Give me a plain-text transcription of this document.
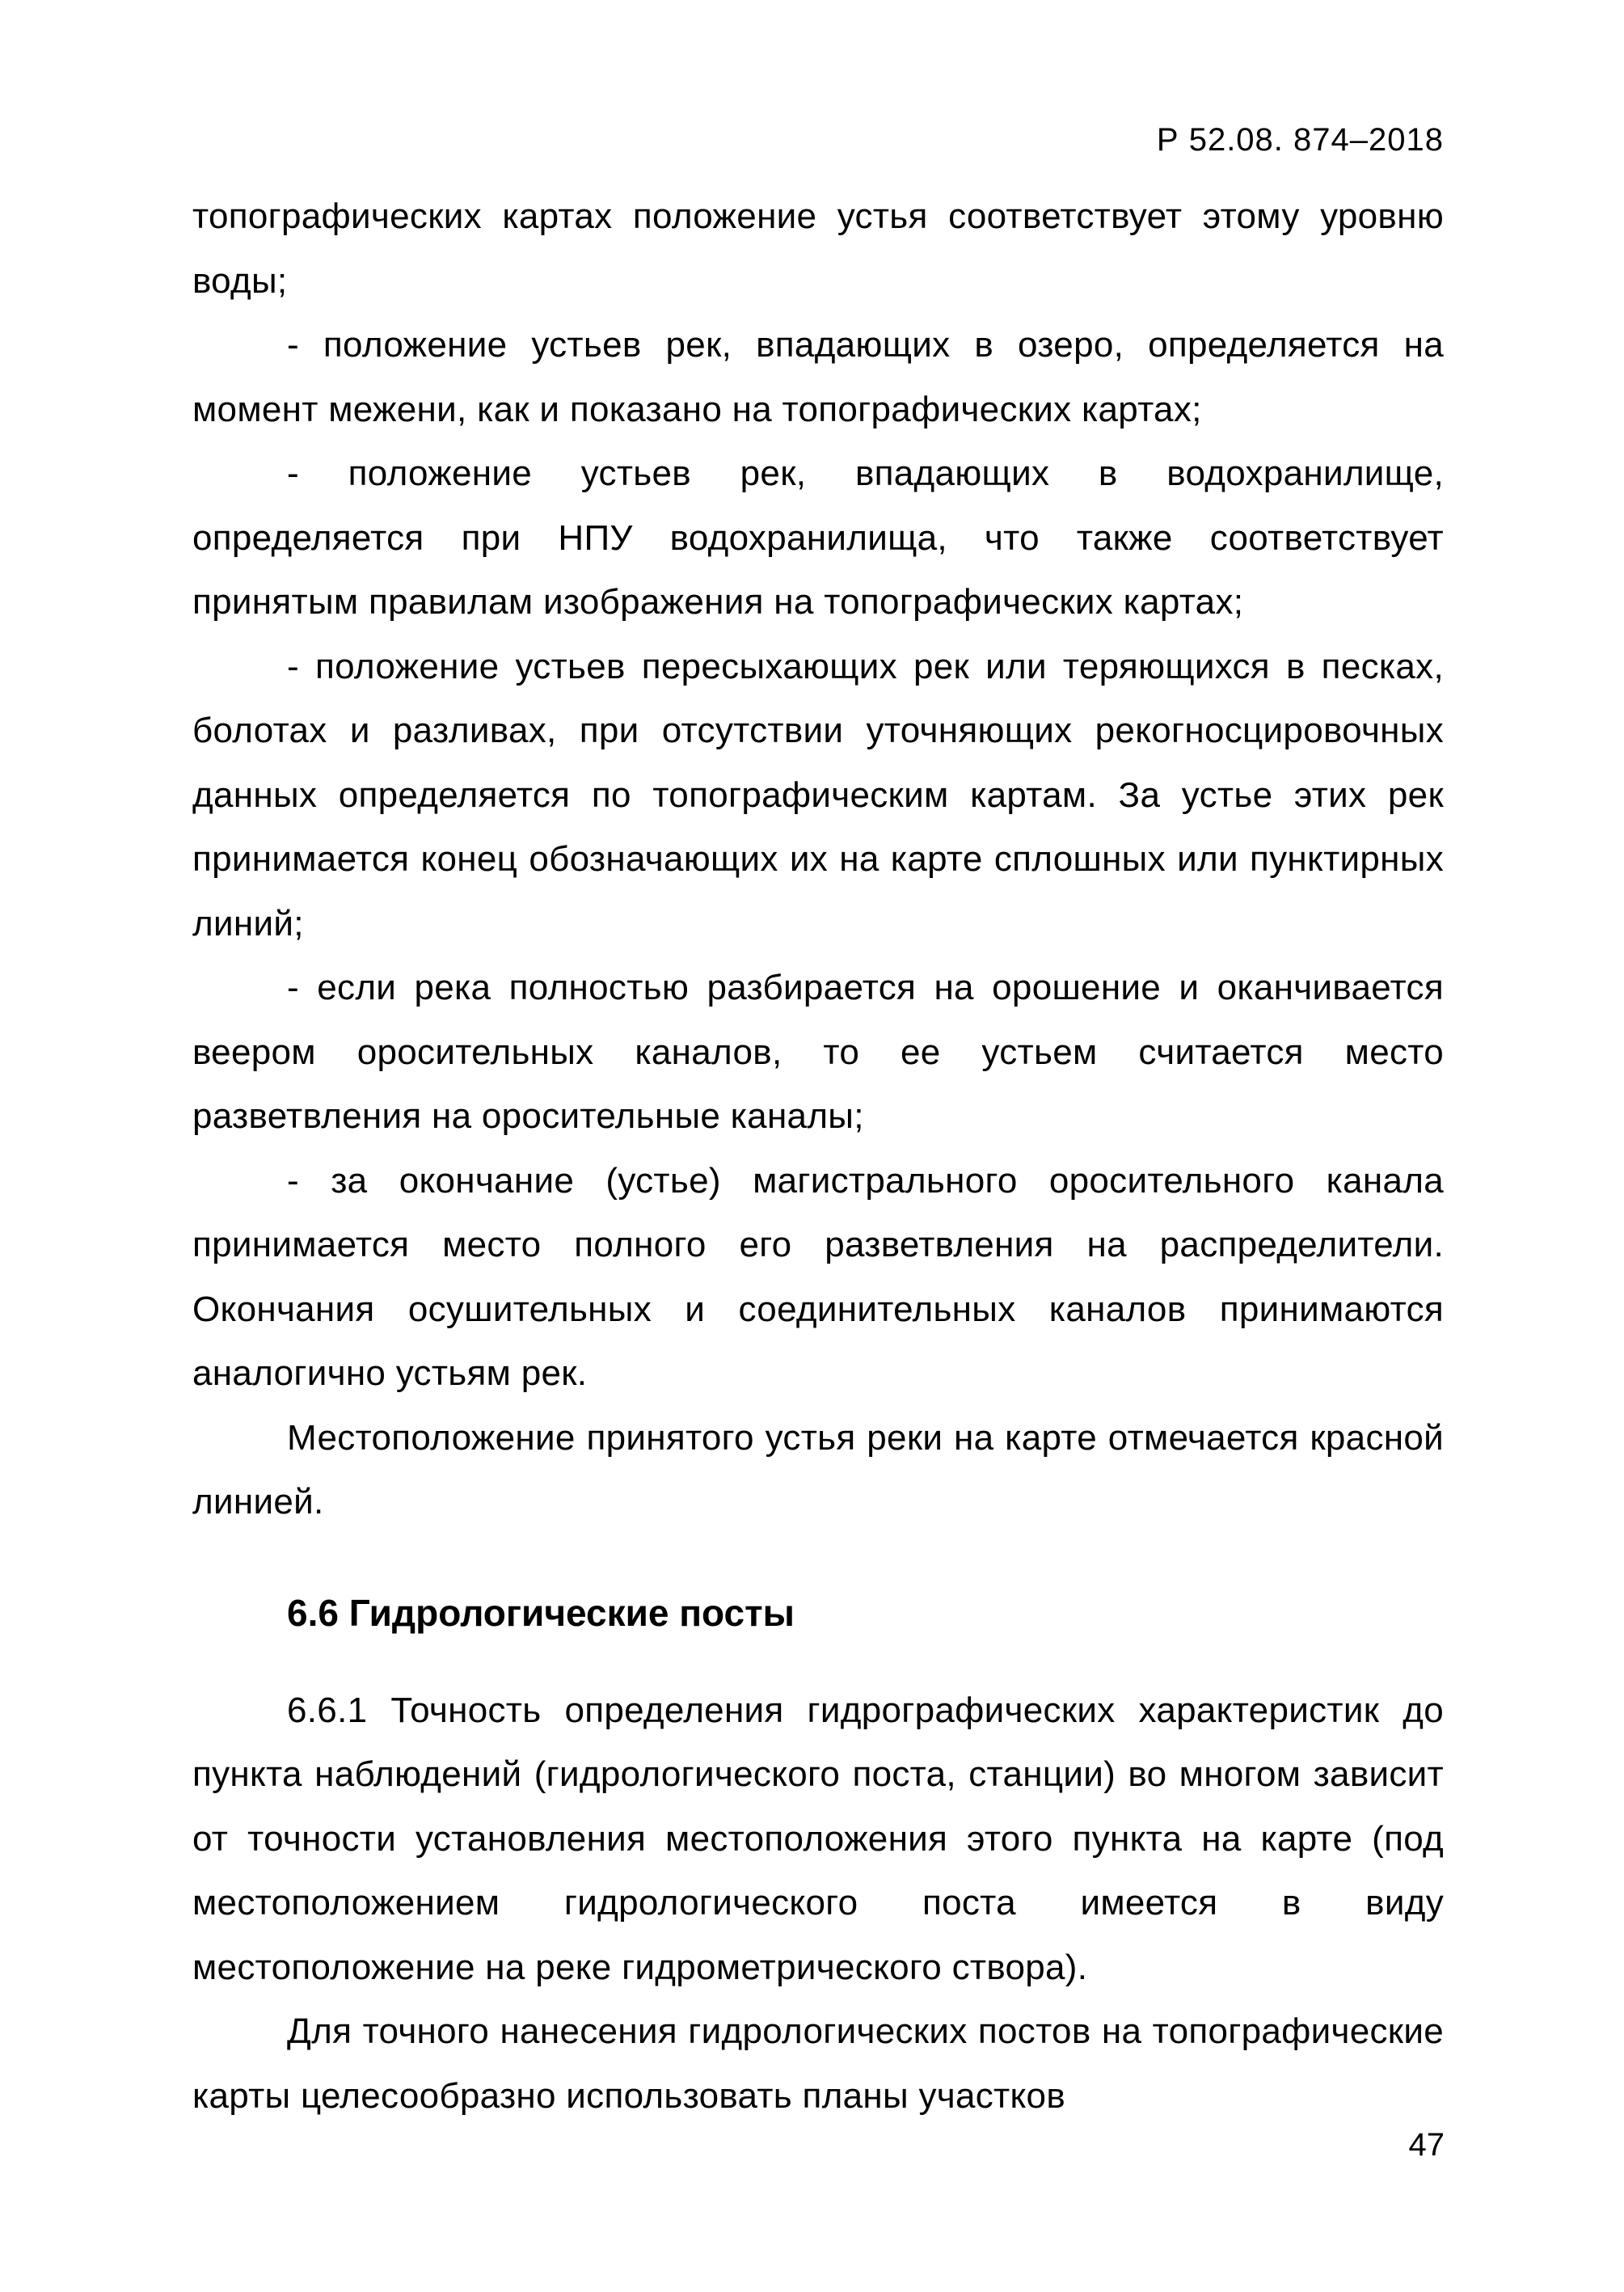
Р 52.08. 874–2018

топографических картах положение устья соответствует этому уровню воды;

- положение устьев рек, впадающих в озеро, определяется на момент межени, как и показано на топографических картах;

- положение устьев рек, впадающих в водохранилище, определяется при НПУ водохранилища, что также соответствует принятым правилам изображения на топографических картах;

- положение устьев пересыхающих рек или теряющихся в песках, болотах и разливах, при отсутствии уточняющих рекогносцировочных данных определяется по топографическим картам. За устье этих рек принимается конец обозначающих их на карте сплошных или пунктирных линий;

- если река полностью разбирается на орошение и оканчивается веером оросительных каналов, то ее устьем считается место разветвления на оросительные каналы;

- за окончание (устье) магистрального оросительного канала принимается место полного его разветвления на распределители. Окончания осушительных и соединительных каналов принимаются аналогично устьям рек.

Местоположение принятого устья реки на карте отмечается красной линией.

6.6 Гидрологические посты

6.6.1 Точность определения гидрографических характеристик до пункта наблюдений (гидрологического поста, станции) во многом зависит от точности установления местоположения этого пункта на карте (под местоположением гидрологического поста имеется в виду местоположение на реке гидрометрического створа).

Для точного нанесения гидрологических постов на топографические карты целесообразно использовать планы участков

47
